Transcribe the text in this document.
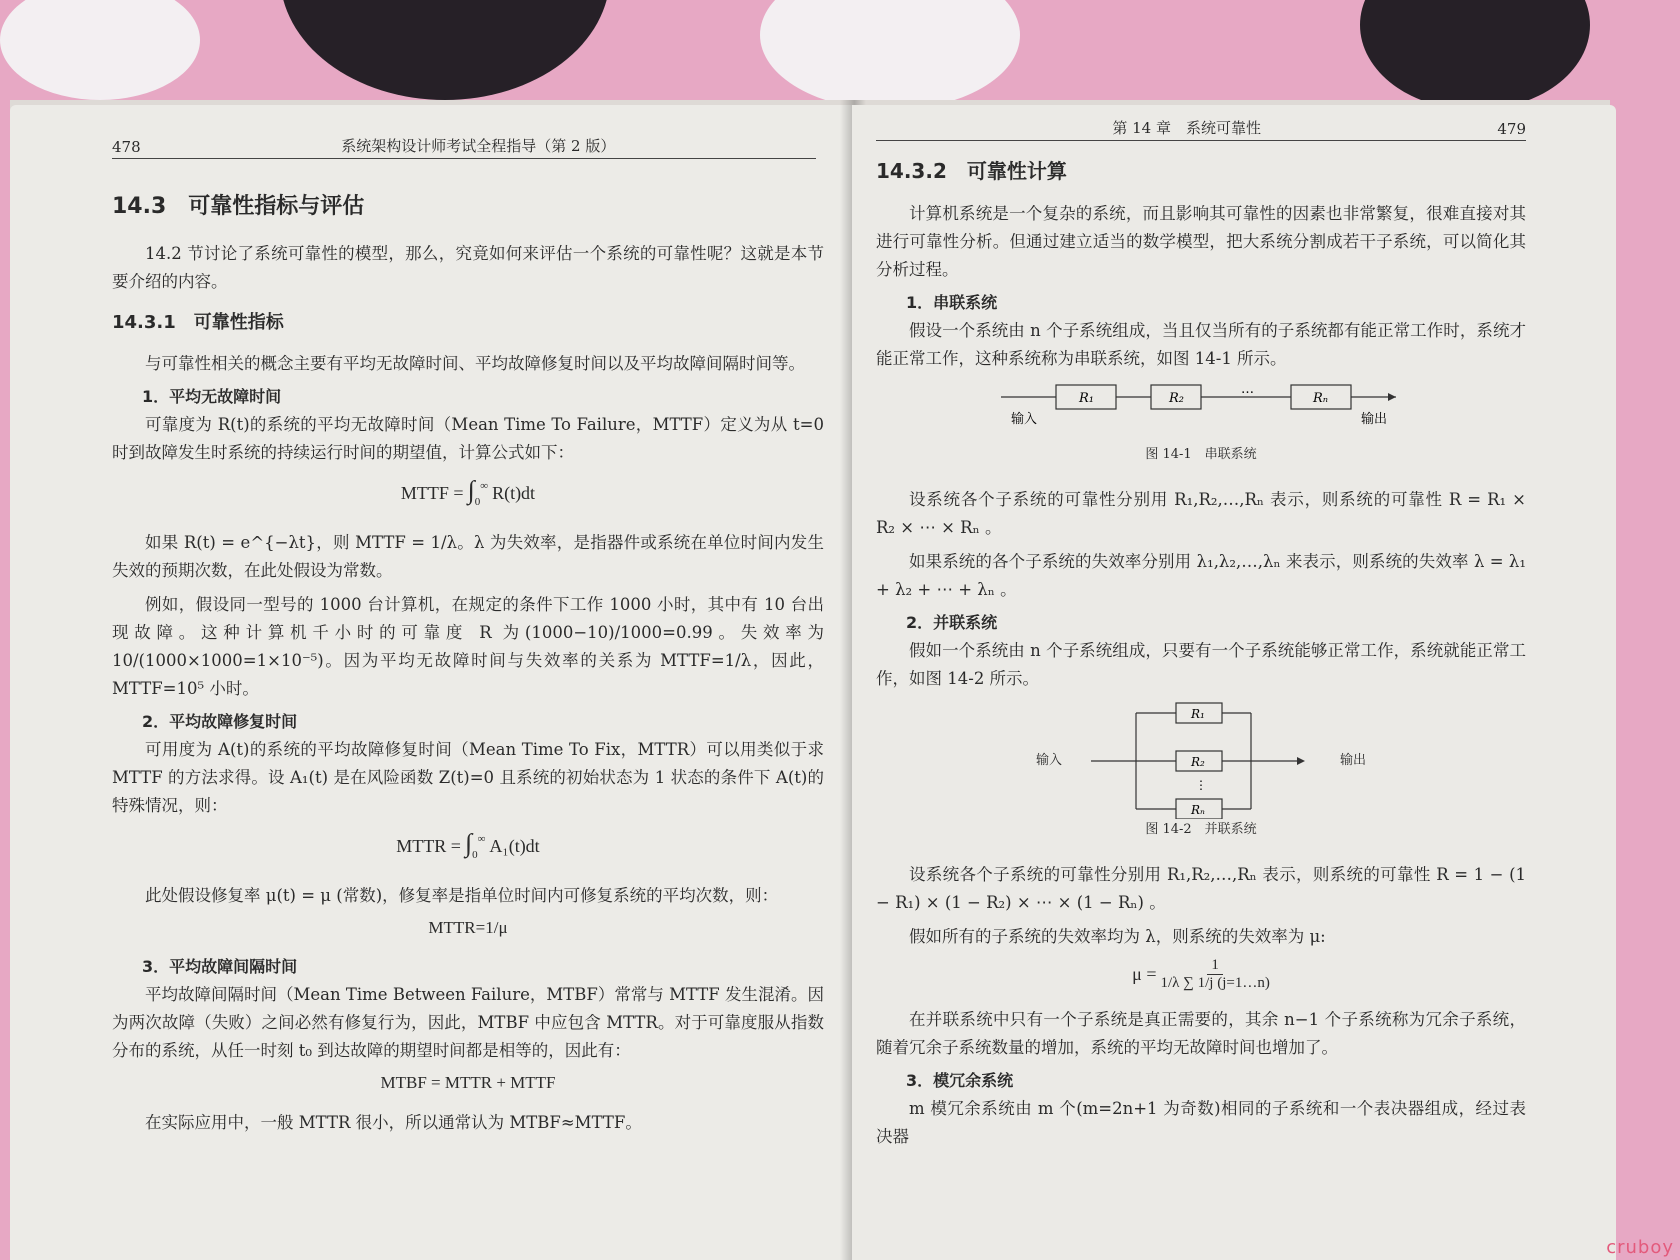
478	系统架构设计师考试全程指导（第 2 版）
14.3　可靠性指标与评估

14.2 节讨论了系统可靠性的模型，那么，究竟如何来评估一个系统的可靠性呢？这就是本节要介绍的内容。

14.3.1　可靠性指标

与可靠性相关的概念主要有平均无故障时间、平均故障修复时间以及平均故障间隔时间等。

1．平均无故障时间

可靠度为 R(t)的系统的平均无故障时间（Mean Time To Failure，MTTF）定义为从 t=0 时到故障发生时系统的持续运行时间的期望值，计算公式如下：

MTTF = $\int_0^\infty$ R(t)dt

如果 R(t) = e^{−λt}，则 MTTF = 1/λ。λ 为失效率，是指器件或系统在单位时间内发生失效的预期次数，在此处假设为常数。

例如，假设同一型号的 1000 台计算机，在规定的条件下工作 1000 小时，其中有 10 台出现故障。这种计算机千小时的可靠度 R 为(1000−10)/1000=0.99。失效率为 10/(1000×1000=1×10⁻⁵)。因为平均无故障时间与失效率的关系为 MTTF=1/λ，因此，MTTF=10⁵ 小时。

2．平均故障修复时间

可用度为 A(t)的系统的平均故障修复时间（Mean Time To Fix，MTTR）可以用类似于求 MTTF 的方法求得。设 A₁(t) 是在风险函数 Z(t)=0 且系统的初始状态为 1 状态的条件下 A(t)的特殊情况，则：

MTTR = $\int_0^\infty$ A₁(t)dt

此处假设修复率 μ(t) = μ (常数)，修复率是指单位时间内可修复系统的平均次数，则：

MTTR=1/μ
3．平均故障间隔时间

平均故障间隔时间（Mean Time Between Failure，MTBF）常常与 MTTF 发生混淆。因为两次故障（失败）之间必然有修复行为，因此，MTBF 中应包含 MTTR。对于可靠度服从指数分布的系统，从任一时刻 t₀ 到达故障的期望时间都是相等的，因此有：

MTBF = MTTR + MTTF

在实际应用中，一般 MTTR 很小，所以通常认为 MTBF≈MTTF。

第 14 章　系统可靠性	479
14.3.2　可靠性计算

计算机系统是一个复杂的系统，而且影响其可靠性的因素也非常繁复，很难直接对其进行可靠性分析。但通过建立适当的数学模型，把大系统分割成若干子系统，可以简化其分析过程。

1．串联系统

假设一个系统由 n 个子系统组成，当且仅当所有的子系统都有能正常工作时，系统才能正常工作，这种系统称为串联系统，如图 14-1 所示。

输入
R₁	R₂
…
Rₙ
输出
图 14-1　串联系统

设系统各个子系统的可靠性分别用 R₁,R₂,…,Rₙ 表示，则系统的可靠性 R = R₁ × R₂ × ⋯ × Rₙ 。

如果系统的各个子系统的失效率分别用 λ₁,λ₂,…,λₙ 来表示，则系统的失效率 λ = λ₁ + λ₂ + ⋯ + λₙ 。

2．并联系统

假如一个系统由 n 个子系统组成，只要有一个子系统能够正常工作，系统就能正常工作，如图 14-2 所示。

R₁
R₂
⋮
Rₙ
输入	输出
图 14-2　并联系统

设系统各个子系统的可靠性分别用 R₁,R₂,…,Rₙ 表示，则系统的可靠性 R = 1 − (1 − R₁) × (1 − R₂) × ⋯ × (1 − Rₙ) 。

假如所有的子系统的失效率均为 λ，则系统的失效率为 μ:

$\mu = \frac{1}{1/\lambda \sum 1/j (j=1\dots n)}$

在并联系统中只有一个子系统是真正需要的，其余 n−1 个子系统称为冗余子系统，随着冗余子系统数量的增加，系统的平均无故障时间也增加了。

3．模冗余系统

m 模冗余系统由 m 个(m=2n+1 为奇数)相同的子系统和一个表决器组成，经过表决器

cruboy
